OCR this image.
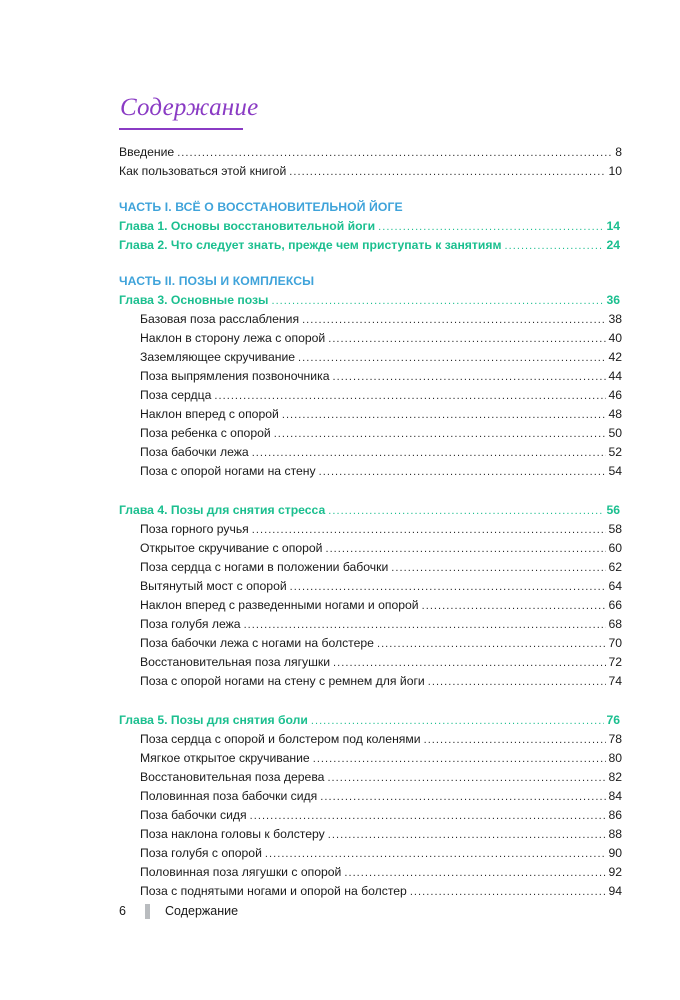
Содержание
Введение .....	8
Как пользоваться этой книгой .....	10
ЧАСТЬ I. ВСЁ О ВОССТАНОВИТЕЛЬНОЙ ЙОГЕ
Глава 1. Основы восстановительной йоги .....	14
Глава 2. Что следует знать, прежде чем приступать к занятиям .....	24
ЧАСТЬ II. ПОЗЫ И КОМПЛЕКСЫ
Глава 3. Основные позы .....	36
Базовая поза расслабления .....	38
Наклон в сторону лежа с опорой .....	40
Заземляющее скручивание .....	42
Поза выпрямления позвоночника .....	44
Поза сердца .....	46
Наклон вперед с опорой .....	48
Поза ребенка с опорой .....	50
Поза бабочки лежа .....	52
Поза с опорой ногами на стену .....	54
Глава 4. Позы для снятия стресса .....	56
Поза горного ручья .....	58
Открытое скручивание с опорой .....	60
Поза сердца с ногами в положении бабочки .....	62
Вытянутый мост с опорой .....	64
Наклон вперед с разведенными ногами и опорой .....	66
Поза голубя лежа .....	68
Поза бабочки лежа с ногами на болстере .....	70
Восстановительная поза лягушки .....	72
Поза с опорой ногами на стену с ремнем для йоги .....	74
Глава 5. Позы для снятия боли .....	76
Поза сердца с опорой и болстером под коленями .....	78
Мягкое открытое скручивание .....	80
Восстановительная поза дерева .....	82
Половинная поза бабочки сидя .....	84
Поза бабочки сидя .....	86
Поза наклона головы к болстеру .....	88
Поза голубя с опорой .....	90
Половинная поза лягушки с опорой .....	92
Поза с поднятыми ногами и опорой на болстер .....	94
6	Содержание
